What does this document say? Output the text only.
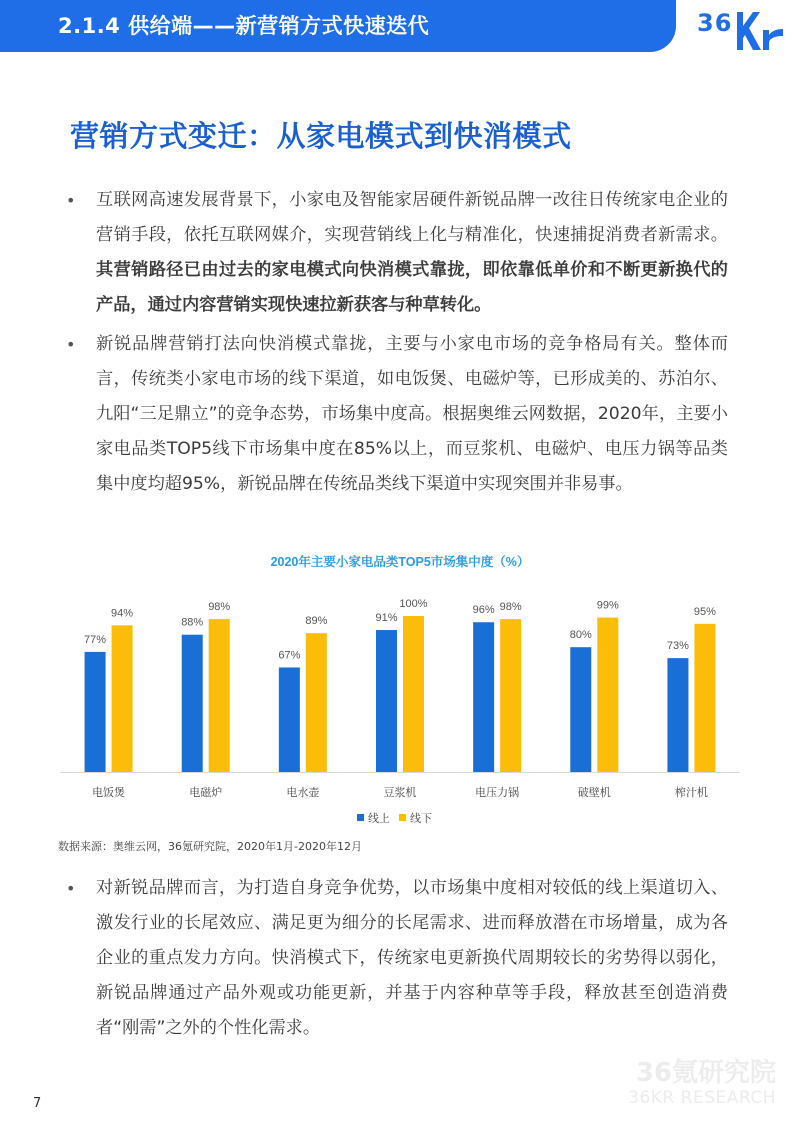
2.1.4 供给端——新营销方式快速迭代	36
营销方式变迁：从家电模式到快消模式
• 互联网高速发展背景下，小家电及智能家居硬件新锐品牌一改往日传统家电企业的营销手段，依托互联网媒介，实现营销线上化与精准化，快速捕捉消费者新需求。其营销路径已由过去的家电模式向快消模式靠拢，即依靠低单价和不断更新换代的产品，通过内容营销实现快速拉新获客与种草转化。
• 新锐品牌营销打法向快消模式靠拢，主要与小家电市场的竞争格局有关。整体而言，传统类小家电市场的线下渠道，如电饭煲、电磁炉等，已形成美的、苏泊尔、九阳“三足鼎立”的竞争态势，市场集中度高。根据奥维云网数据，2020年，主要小家电品类TOP5线下市场集中度在85%以上，而豆浆机、电磁炉、电压力锅等品类集中度均超95%，新锐品牌在传统品类线下渠道中实现突围并非易事。
2020年主要小家电品类TOP5市场集中度（%）
77%
94%
电饭煲
88%
98%
电磁炉
67%
89%
电水壶
91%
100%
豆浆机
96% 98%
电压力锅
80%
99%
破壁机
73%
95%
榨汁机
线上 线下
数据来源：奥维云网，36氪研究院，2020年1月-2020年12月
• 对新锐品牌而言，为打造自身竞争优势，以市场集中度相对较低的线上渠道切入、激发行业的长尾效应、满足更为细分的长尾需求、进而释放潜在市场增量，成为各企业的重点发力方向。快消模式下，传统家电更新换代周期较长的劣势得以弱化，新锐品牌通过产品外观或功能更新，并基于内容种草等手段，释放甚至创造消费者“刚需”之外的个性化需求。
36氪研究院
36KR RESEARCH
7
